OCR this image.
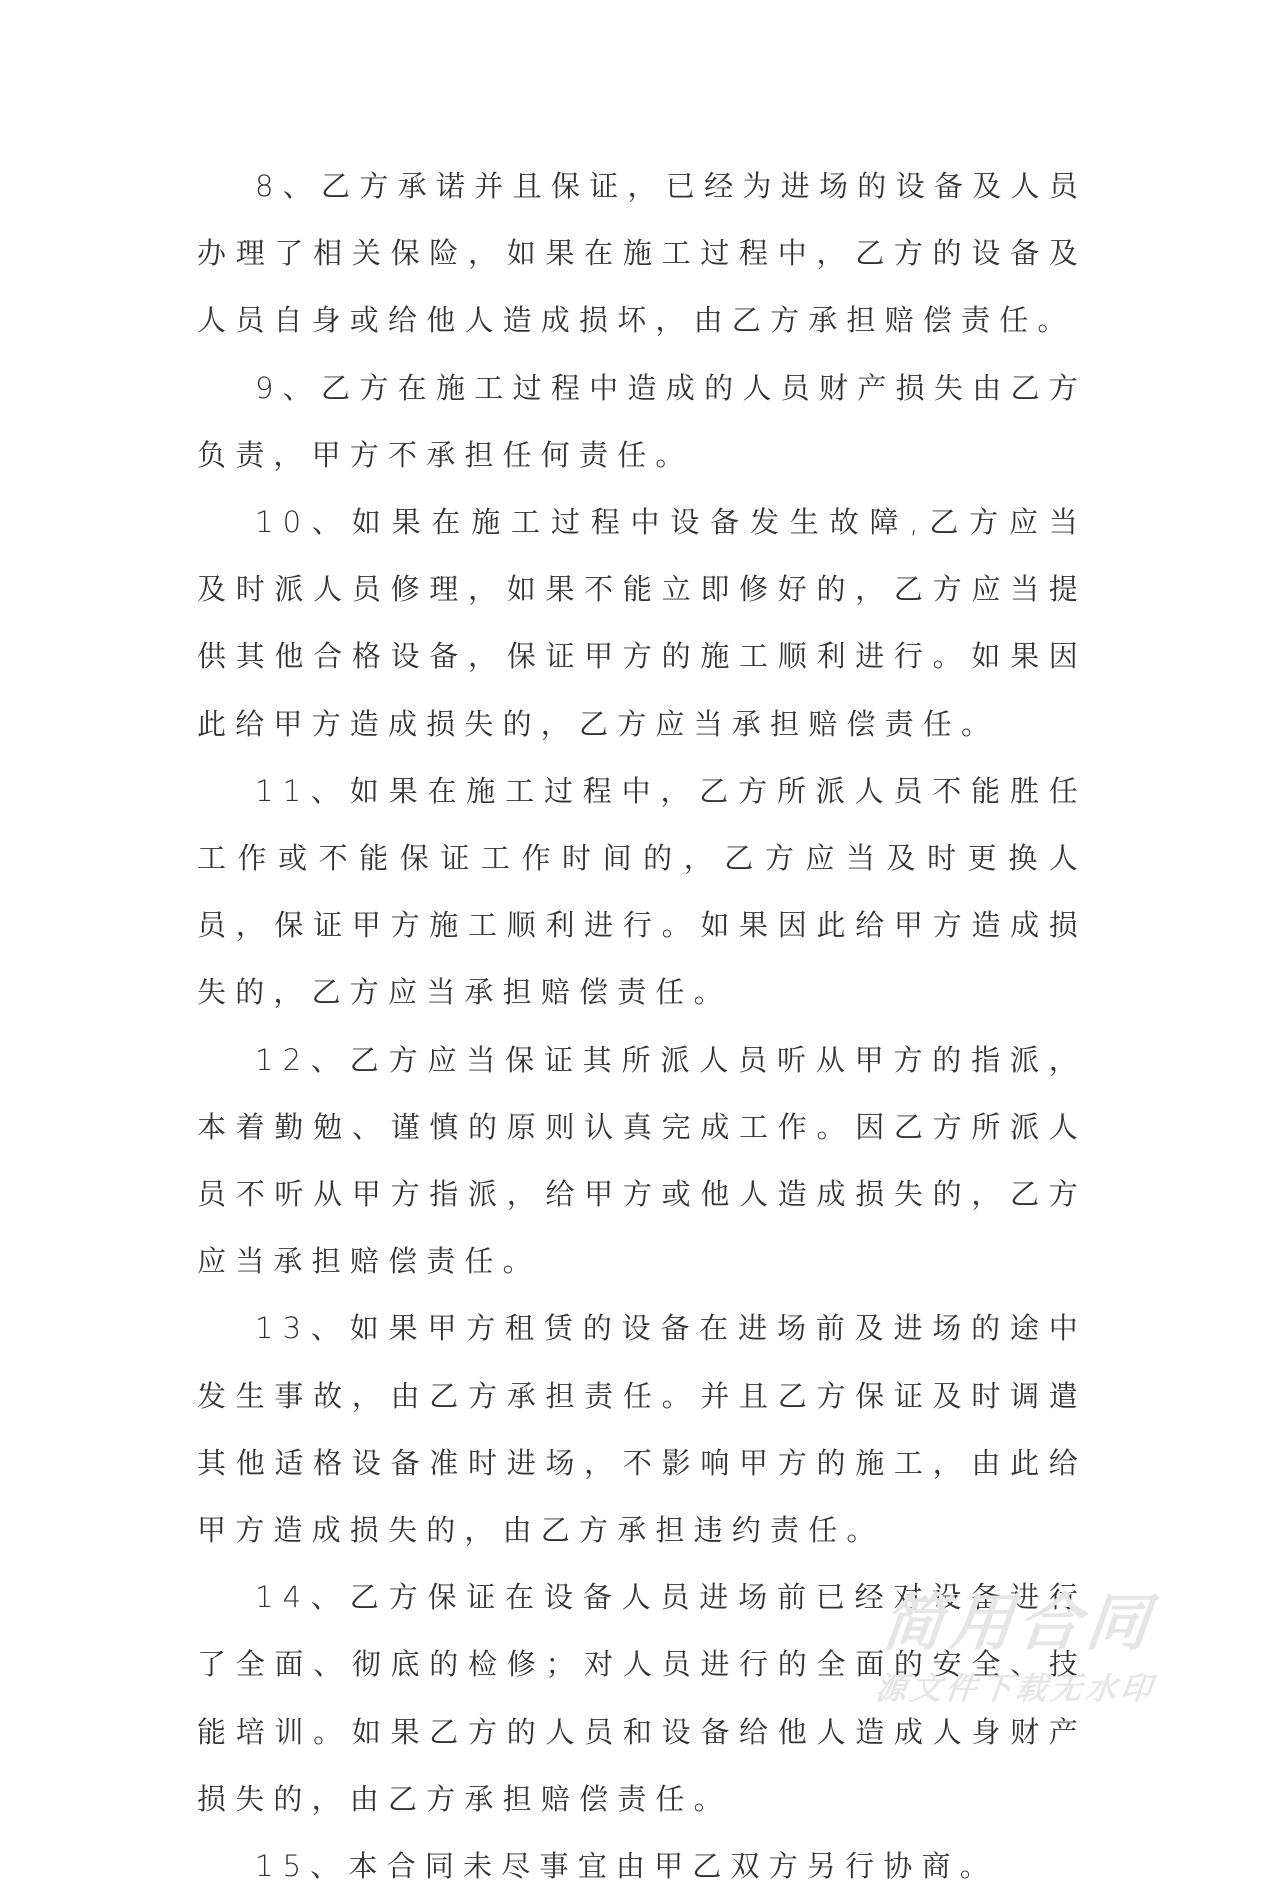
8、乙方承诺并且保证，已经为进场的设备及人员办理了相关保险，如果在施工过程中，乙方的设备及人员自身或给他人造成损坏，由乙方承担赔偿责任。

9、乙方在施工过程中造成的人员财产损失由乙方负责，甲方不承担任何责任。

10、如果在施工过程中设备发生故障,乙方应当及时派人员修理，如果不能立即修好的，乙方应当提供其他合格设备，保证甲方的施工顺利进行。如果因此给甲方造成损失的，乙方应当承担赔偿责任。

11、如果在施工过程中，乙方所派人员不能胜任工作或不能保证工作时间的，乙方应当及时更换人员，保证甲方施工顺利进行。如果因此给甲方造成损失的，乙方应当承担赔偿责任。

12、乙方应当保证其所派人员听从甲方的指派，本着勤勉、谨慎的原则认真完成工作。因乙方所派人员不听从甲方指派，给甲方或他人造成损失的，乙方应当承担赔偿责任。

13、如果甲方租赁的设备在进场前及进场的途中发生事故，由乙方承担责任。并且乙方保证及时调遣其他适格设备准时进场，不影响甲方的施工，由此给甲方造成损失的，由乙方承担违约责任。

14、乙方保证在设备人员进场前已经对设备进行了全面、彻底的检修；对人员进行的全面的安全、技能培训。如果乙方的人员和设备给他人造成人身财产损失的，由乙方承担赔偿责任。

15、本合同未尽事宜由甲乙双方另行协商。

简用合同
源文件下载无水印
